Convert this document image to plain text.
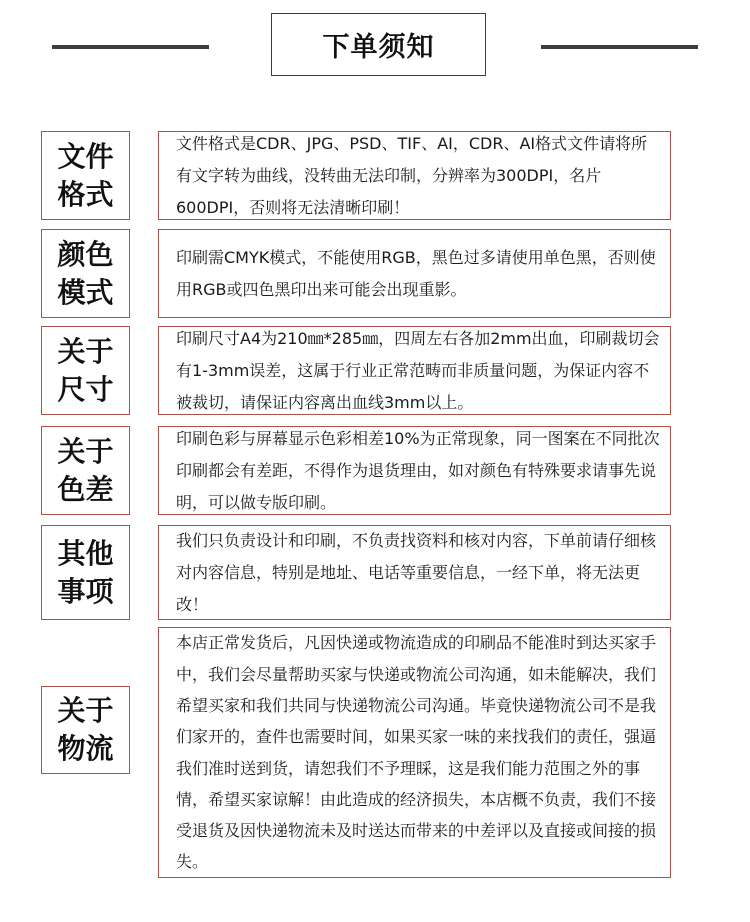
下单须知
文件
格式

文件格式是CDR、JPG、PSD、TIF、AI，CDR、AI格式文件请将所有文字转为曲线，没转曲无法印制，分辨率为300DPI，名片600DPI，否则将无法清晰印刷！

颜色
模式

印刷需CMYK模式，不能使用RGB，黑色过多请使用单色黑，否则使用RGB或四色黑印出来可能会出现重影。

关于
尺寸

印刷尺寸A4为210㎜*285㎜，四周左右各加2mm出血，印刷裁切会有1-3mm误差，这属于行业正常范畴而非质量问题，为保证内容不被裁切，请保证内容离出血线3mm以上。

关于
色差

印刷色彩与屏幕显示色彩相差10%为正常现象，同一图案在不同批次印刷都会有差距，不得作为退货理由，如对颜色有特殊要求请事先说明，可以做专版印刷。

其他
事项

我们只负责设计和印刷，不负责找资料和核对内容，下单前请仔细核对内容信息，特别是地址、电话等重要信息，一经下单，将无法更改！

关于
物流

本店正常发货后，凡因快递或物流造成的印刷品不能准时到达买家手中，我们会尽量帮助买家与快递或物流公司沟通，如未能解决，我们希望买家和我们共同与快递物流公司沟通。毕竟快递物流公司不是我们家开的，查件也需要时间，如果买家一味的来找我们的责任，强逼我们准时送到货，请恕我们不予理睬，这是我们能力范围之外的事情，希望买家谅解！由此造成的经济损失，本店概不负责，我们不接受退货及因快递物流未及时送达而带来的中差评以及直接或间接的损失。
